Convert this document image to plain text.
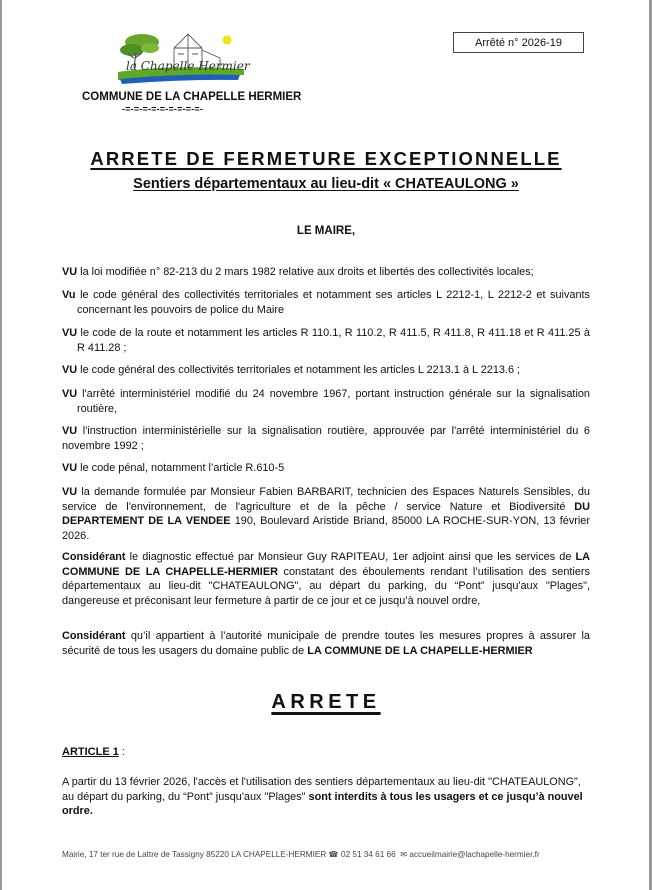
la Chapelle Hermier
COMMUNE DE LA CHAPELLE HERMIER
-=-=-=-=-=-=-=-=-=-
Arrêté n° 2026-19
ARRETE DE FERMETURE EXCEPTIONNELLE
Sentiers départementaux au lieu-dit « CHATEAULONG »
LE MAIRE,
VU la loi modifiée n° 82-213 du 2 mars 1982 relative aux droits et libertés des collectivités locales;
Vu le code général des collectivités territoriales et notamment ses articles L 2212-1, L 2212-2 et suivants concernant les pouvoirs de police du Maire
VU le code de la route et notamment les articles R 110.1, R 110.2, R 411.5, R 411.8, R 411.18 et R 411.25 à R 411.28 ;
VU le code général des collectivités territoriales et notamment les articles L 2213.1 à L 2213.6 ;
VU l'arrêté interministériel modifié du 24 novembre 1967, portant instruction générale sur la signalisation routière,
VU l'instruction interministérielle sur la signalisation routière, approuvée par l'arrêté interministériel du 6 novembre 1992 ;
VU le code pénal, notamment l’article R.610-5
VU la demande formulée par Monsieur Fabien BARBARIT, technicien des Espaces Naturels Sensibles, du service de l'environnement, de l'agriculture et de la pêche / service Nature et Biodiversité DU DEPARTEMENT DE LA VENDEE 190, Boulevard Aristide Briand, 85000 LA ROCHE-SUR-YON, 13 février 2026.
Considérant le diagnostic effectué par Monsieur Guy RAPITEAU, 1er adjoint ainsi que les services de LA COMMUNE DE LA CHAPELLE-HERMIER constatant des éboulements rendant l’utilisation des sentiers départementaux au lieu-dit "CHATEAULONG", au départ du parking, du “Pont” jusqu'aux "Plages", dangereuse et préconisant leur fermeture à partir de ce jour et ce jusqu’à nouvel ordre,
Considérant qu’il appartient à l’autorité municipale de prendre toutes les mesures propres à assurer la sécurité de tous les usagers du domaine public de LA COMMUNE DE LA CHAPELLE-HERMIER
ARRETE
ARTICLE 1 :
A partir du 13 février 2026, l'accès et l'utilisation des sentiers départementaux au lieu-dit "CHATEAULONG", au départ du parking, du “Pont” jusqu'aux "Plages" sont interdits à tous les usagers et ce jusqu’à nouvel ordre.
Mairie, 17 ter rue de Lattre de Tassigny 85220 LA CHAPELLE-HERMIER ☎ 02 51 34 61 66 ✉ accueilmairie@lachapelle-hermier.fr
